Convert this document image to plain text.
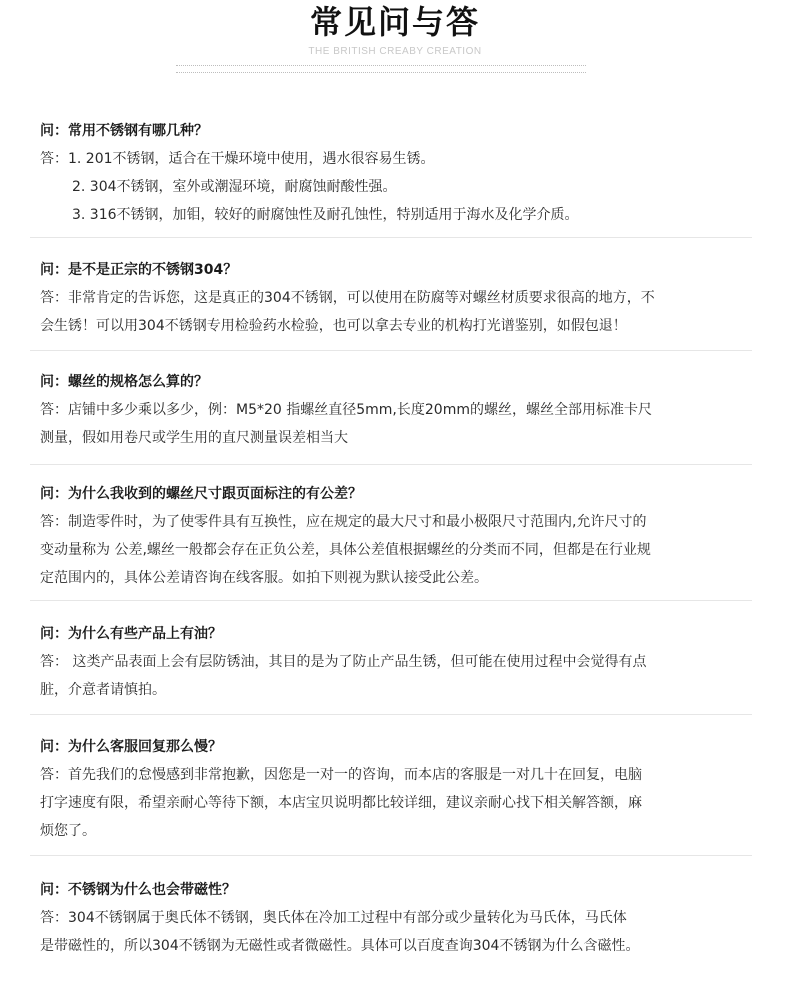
常见问与答
THE BRITISH CREABY CREATION
问：常用不锈钢有哪几种？
答：1. 201不锈钢，适合在干燥环境中使用，遇水很容易生锈。
2. 304不锈钢，室外或潮湿环境，耐腐蚀耐酸性强。
3. 316不锈钢，加钼，较好的耐腐蚀性及耐孔蚀性，特别适用于海水及化学介质。
问：是不是正宗的不锈钢304？
答：非常肯定的告诉您，这是真正的304不锈钢，可以使用在防腐等对螺丝材质要求很高的地方，不
会生锈！可以用304不锈钢专用检验药水检验，也可以拿去专业的机构打光谱鉴别，如假包退！
问：螺丝的规格怎么算的？
答：店铺中多少乘以多少，例：M5*20 指螺丝直径5mm,长度20mm的螺丝，螺丝全部用标准卡尺
测量，假如用卷尺或学生用的直尺测量误差相当大
问：为什么我收到的螺丝尺寸跟页面标注的有公差？
答：制造零件时，为了使零件具有互换性，应在规定的最大尺寸和最小极限尺寸范围内,允许尺寸的
变动量称为 公差,螺丝一般都会存在正负公差，具体公差值根据螺丝的分类而不同，但都是在行业规
定范围内的，具体公差请咨询在线客服。如拍下则视为默认接受此公差。
问：为什么有些产品上有油？
答： 这类产品表面上会有层防锈油，其目的是为了防止产品生锈，但可能在使用过程中会觉得有点
脏，介意者请慎拍。
问：为什么客服回复那么慢？
答：首先我们的怠慢感到非常抱歉，因您是一对一的咨询，而本店的客服是一对几十在回复，电脑
打字速度有限，希望亲耐心等待下额，本店宝贝说明都比较详细，建议亲耐心找下相关解答额，麻
烦您了。
问：不锈钢为什么也会带磁性？
答：304不锈钢属于奥氏体不锈钢，奥氏体在冷加工过程中有部分或少量转化为马氏体，马氏体
是带磁性的，所以304不锈钢为无磁性或者微磁性。具体可以百度查询304不锈钢为什么含磁性。
